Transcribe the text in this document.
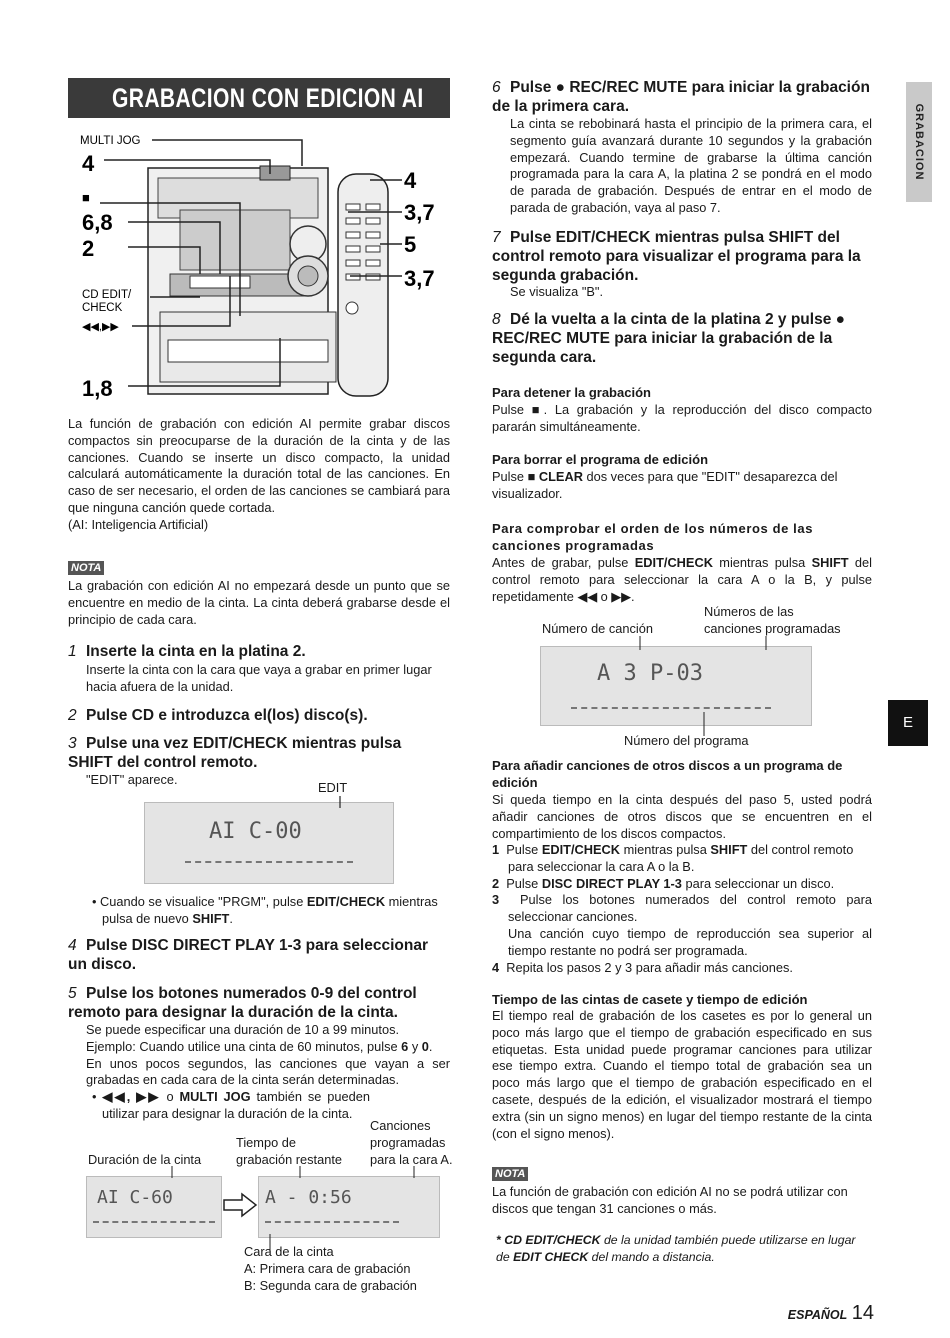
GRABACION CON EDICION AI
GRABACION
E
MULTI JOG
4
■
6,8
2
CD EDIT/
CHECK
◀◀,▶▶
1,8
4
3,7
5
3,7

La función de grabación con edición AI permite grabar discos compactos sin preocuparse de la duración de la cinta y de las canciones. Cuando se inserte un disco compacto, la unidad calculará automáticamente la duración total de las canciones. En caso de ser necesario, el orden de las canciones se cambiará para que ninguna canción quede cortada.

(AI: Inteligencia Artificial)

NOTA

La grabación con edición AI no empezará desde un punto que se encuentre en medio de la cinta. La cinta deberá grabarse desde el principio de cada cara.

1 Inserte la cinta en la platina 2.

Inserte la cinta con la cara que vaya a grabar en primer lugar hacia afuera de la unidad.

2 Pulse CD e introduzca el(los) disco(s).
3 Pulse una vez EDIT/CHECK mientras pulsa SHIFT del control remoto.

"EDIT" aparece.

EDIT

AI C-00

• Cuando se visualice "PRGM", pulse EDIT/CHECK mientras pulsa de nuevo SHIFT.

4 Pulse DISC DIRECT PLAY 1-3 para seleccionar un disco.
5 Pulse los botones numerados 0-9 del control remoto para designar la duración de la cinta.

Se puede especificar una duración de 10 a 99 minutos.

Ejemplo: Cuando utilice una cinta de 60 minutos, pulse 6 y 0.

En unos pocos segundos, las canciones que vayan a ser grabadas en cada cara de la cinta serán determinadas.

• ◀◀, ▶▶ o MULTI JOG también se pueden utilizar para designar la duración de la cinta.

Canciones

Tiempo de	programadas

Duración de la cinta	grabación restante para la cara A.

AI C-60	A - 0:56

Cara de la cinta

A: Primera cara de grabación

B: Segunda cara de grabación

6 Pulse ● REC/REC MUTE para iniciar la grabación de la primera cara.

La cinta se rebobinará hasta el principio de la primera cara, el segmento guía avanzará durante 10 segundos y la grabación empezará. Cuando termine de grabarse la última canción programada para la cara A, la platina 2 se pondrá en el modo de parada de grabación. Después de entrar en el modo de parada de grabación, vaya al paso 7.

7 Pulse EDIT/CHECK mientras pulsa SHIFT del control remoto para visualizar el programa para la segunda grabación.

Se visualiza "B".

8 Dé la vuelta a la cinta de la platina 2 y pulse ● REC/REC MUTE para iniciar la grabación de la segunda cara.

Para detener la grabación

Pulse ■. La grabación y la reproducción del disco compacto pararán simultáneamente.

Para borrar el programa de edición

Pulse ■ CLEAR dos veces para que "EDIT" desaparezca del visualizador.

Para comprobar el orden de los números de las canciones programadas

Antes de grabar, pulse EDIT/CHECK mientras pulsa SHIFT del control remoto para seleccionar la cara A o la B, y pulse repetidamente ◀◀ o ▶▶.

Números de las

Número de canción	canciones programadas

A 3 P-03

Número del programa

Para añadir canciones de otros discos a un programa de edición

Si queda tiempo en la cinta después del paso 5, usted podrá añadir canciones de otros discos que se encuentren en el compartimiento de los discos compactos.

1 Pulse EDIT/CHECK mientras pulsa SHIFT del control remoto para seleccionar la cara A o la B.

2 Pulse DISC DIRECT PLAY 1-3 para seleccionar un disco.

3 Pulse los botones numerados del control remoto para seleccionar canciones.

Una canción cuyo tiempo de reproducción sea superior al tiempo restante no podrá ser programada.

4 Repita los pasos 2 y 3 para añadir más canciones.

Tiempo de las cintas de casete y tiempo de edición

El tiempo real de grabación de los casetes es por lo general un poco más largo que el tiempo de grabación especificado en sus etiquetas. Esta unidad puede programar canciones para utilizar ese tiempo extra. Cuando el tiempo total de grabación sea un poco más largo que el tiempo de grabación especificado en el casete, después de la edición, el visualizador mostrará el tiempo extra (sin un signo menos) en lugar del tiempo restante de la cinta (con el signo menos).

NOTA

La función de grabación con edición AI no se podrá utilizar con discos que tengan 31 canciones o más.

* CD EDIT/CHECK de la unidad también puede utilizarse en lugar de EDIT CHECK del mando a distancia.

ESPAÑOL 14
